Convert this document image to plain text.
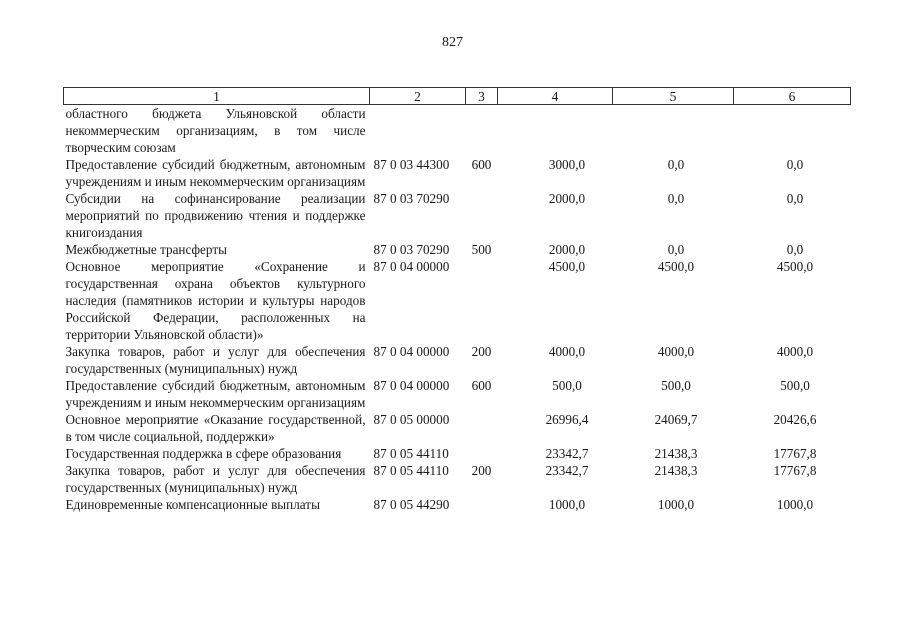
827
1	2	3	4	5	6
областного бюджета Ульяновской области некоммерческим организациям, в том числе творческим союзам					
Предоставление субсидий бюджетным, автономным учреждениям и иным некоммерческим организациям	87 0 03 44300	600	3000,0	0,0	0,0
Субсидии на софинансирование реализации мероприятий по продвижению чтения и поддержке книгоиздания	87 0 03 70290		2000,0	0,0	0,0
Межбюджетные трансферты	87 0 03 70290	500	2000,0	0,0	0,0
Основное мероприятие «Сохранение и государственная охрана объектов культурного наследия (памятников истории и культуры народов Российской Федерации, расположенных на территории Ульяновской области)»	87 0 04 00000		4500,0	4500,0	4500,0
Закупка товаров, работ и услуг для обеспечения государственных (муниципальных) нужд	87 0 04 00000	200	4000,0	4000,0	4000,0
Предоставление субсидий бюджетным, автономным учреждениям и иным некоммерческим организациям	87 0 04 00000	600	500,0	500,0	500,0
Основное мероприятие «Оказание государственной, в том числе социальной, поддержки»	87 0 05 00000		26996,4	24069,7	20426,6
Государственная поддержка в сфере образования	87 0 05 44110		23342,7	21438,3	17767,8
Закупка товаров, работ и услуг для обеспечения государственных (муниципальных) нужд	87 0 05 44110	200	23342,7	21438,3	17767,8
Единовременные компенсационные выплаты	87 0 05 44290		1000,0	1000,0	1000,0
